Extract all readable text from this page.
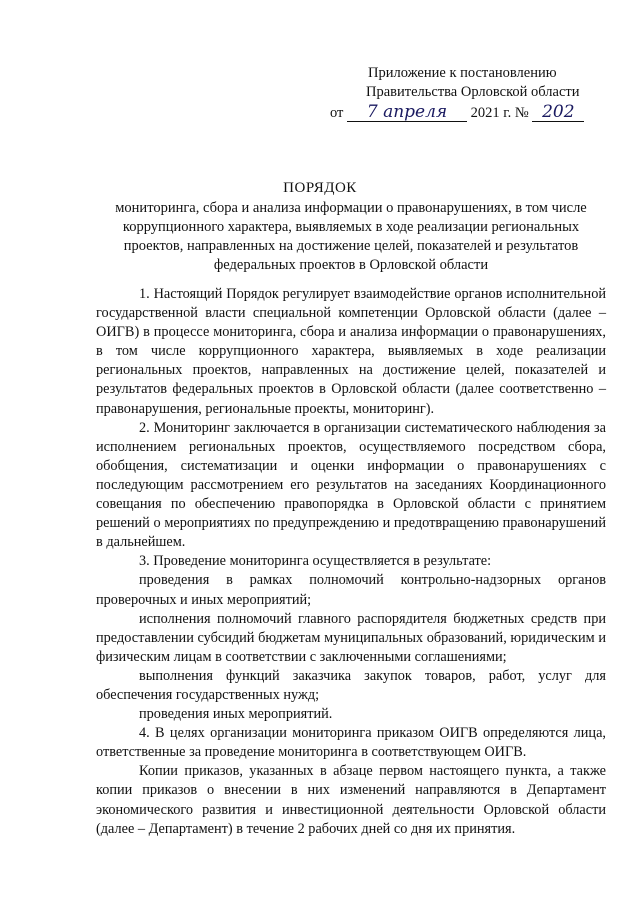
Приложение к постановлению
Правительства Орловской области
от 7 апреля 2021 г. № 202
ПОРЯДОК
мониторинга, сбора и анализа информации о правонарушениях, в том числе коррупционного характера, выявляемых в ходе реализации региональных проектов, направленных на достижение целей, показателей и результатов федеральных проектов в Орловской области

1. Настоящий Порядок регулирует взаимодействие органов исполнительной государственной власти специальной компетенции Орловской области (далее – ОИГВ) в процессе мониторинга, сбора и анализа информации о правонарушениях, в том числе коррупционного характера, выявляемых в ходе реализации региональных проектов, направленных на достижение целей, показателей и результатов федеральных проектов в Орловской области (далее соответственно – правонарушения, региональные проекты, мониторинг).

2. Мониторинг заключается в организации систематического наблюдения за исполнением региональных проектов, осуществляемого посредством сбора, обобщения, систематизации и оценки информации о правонарушениях с последующим рассмотрением его результатов на заседаниях Координационного совещания по обеспечению правопорядка в Орловской области с принятием решений о мероприятиях по предупреждению и предотвращению правонарушений в дальнейшем.

3. Проведение мониторинга осуществляется в результате:

проведения в рамках полномочий контрольно-надзорных органов проверочных и иных мероприятий;

исполнения полномочий главного распорядителя бюджетных средств при предоставлении субсидий бюджетам муниципальных образований, юридическим и физическим лицам в соответствии с заключенными соглашениями;

выполнения функций заказчика закупок товаров, работ, услуг для обеспечения государственных нужд;

проведения иных мероприятий.

4. В целях организации мониторинга приказом ОИГВ определяются лица, ответственные за проведение мониторинга в соответствующем ОИГВ.

Копии приказов, указанных в абзаце первом настоящего пункта, а также копии приказов о внесении в них изменений направляются в Департамент экономического развития и инвестиционной деятельности Орловской области (далее – Департамент) в течение 2 рабочих дней со дня их принятия.
